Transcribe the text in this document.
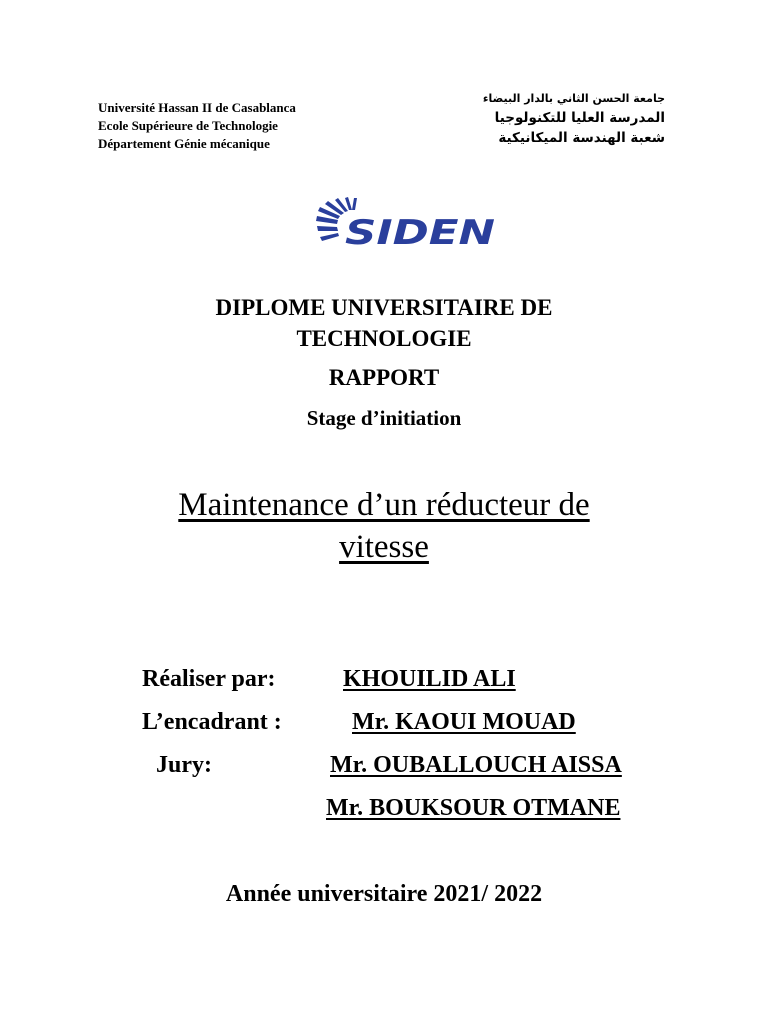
Université Hassan II de Casablanca
Ecole Supérieure de Technologie
Département Génie mécanique
جامعة الحسن الثاني بالدار البيضاء
المدرسة العليا للتكنولوجيا
شعبة الهندسة الميكانيكية
SIDEN
DIPLOME UNIVERSITAIRE DE
TECHNOLOGIE
RAPPORT
Stage d’initiation
Maintenance d’un réducteur de
vitesse
Réaliser par:	KHOUILID ALI
L’encadrant :	Mr. KAOUI MOUAD
Jury:	Mr. OUBALLOUCH AISSA
Mr. BOUKSOUR OTMANE
Année universitaire 2021/ 2022
